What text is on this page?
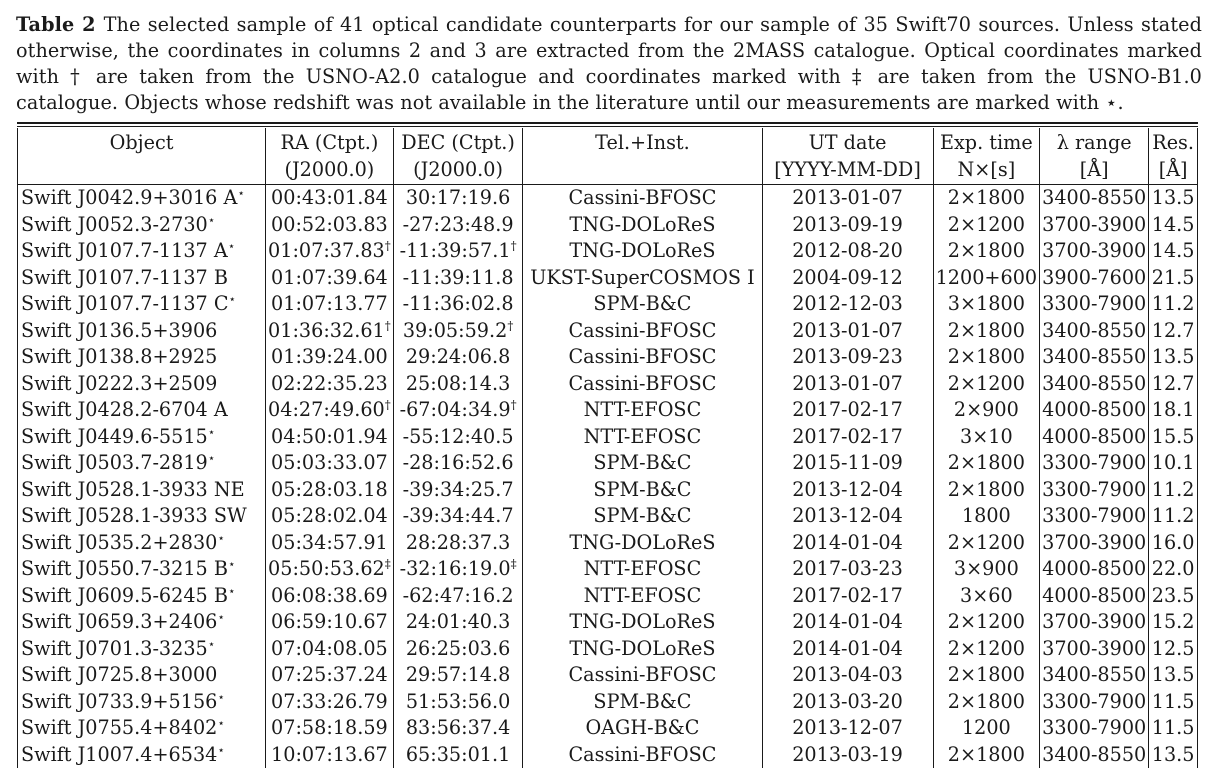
Table 2 The selected sample of 41 optical candidate counterparts for our sample of 35 Swift70 sources. Unless stated otherwise, the coordinates in columns 2 and 3 are extracted from the 2MASS catalogue. Optical coordinates marked with † are taken from the USNO-A2.0 catalogue and coordinates marked with ‡ are taken from the USNO-B1.0 catalogue. Objects whose redshift was not available in the literature until our measurements are marked with ⋆.

Object	RA (Ctpt.)	DEC (Ctpt.)	Tel.+Inst.	UT date	Exp. time	λ range	Res.
	(J2000.0)	(J2000.0)		[YYYY-MM-DD]	N×[s]	[Å]	[Å]
Swift J0042.9+3016 A⋆	00:43:01.84	30:17:19.6	Cassini-BFOSC	2013-01-07	2×1800	3400-8550	13.5
Swift J0052.3-2730⋆	00:52:03.83	-27:23:48.9	TNG-DOLoReS	2013-09-19	2×1200	3700-3900	14.5
Swift J0107.7-1137 A⋆	01:07:37.83†	-11:39:57.1†	TNG-DOLoReS	2012-08-20	2×1800	3700-3900	14.5
Swift J0107.7-1137 B	01:07:39.64	-11:39:11.8	UKST-SuperCOSMOS I	2004-09-12	1200+600	3900-7600	21.5
Swift J0107.7-1137 C⋆	01:07:13.77	-11:36:02.8	SPM-B&C	2012-12-03	3×1800	3300-7900	11.2
Swift J0136.5+3906	01:36:32.61†	39:05:59.2†	Cassini-BFOSC	2013-01-07	2×1800	3400-8550	12.7
Swift J0138.8+2925	01:39:24.00	29:24:06.8	Cassini-BFOSC	2013-09-23	2×1800	3400-8550	13.5
Swift J0222.3+2509	02:22:35.23	25:08:14.3	Cassini-BFOSC	2013-01-07	2×1200	3400-8550	12.7
Swift J0428.2-6704 A	04:27:49.60†	-67:04:34.9†	NTT-EFOSC	2017-02-17	2×900	4000-8500	18.1
Swift J0449.6-5515⋆	04:50:01.94	-55:12:40.5	NTT-EFOSC	2017-02-17	3×10	4000-8500	15.5
Swift J0503.7-2819⋆	05:03:33.07	-28:16:52.6	SPM-B&C	2015-11-09	2×1800	3300-7900	10.1
Swift J0528.1-3933 NE	05:28:03.18	-39:34:25.7	SPM-B&C	2013-12-04	2×1800	3300-7900	11.2
Swift J0528.1-3933 SW	05:28:02.04	-39:34:44.7	SPM-B&C	2013-12-04	1800	3300-7900	11.2
Swift J0535.2+2830⋆	05:34:57.91	28:28:37.3	TNG-DOLoReS	2014-01-04	2×1200	3700-3900	16.0
Swift J0550.7-3215 B⋆	05:50:53.62‡	-32:16:19.0‡	NTT-EFOSC	2017-03-23	3×900	4000-8500	22.0
Swift J0609.5-6245 B⋆	06:08:38.69	-62:47:16.2	NTT-EFOSC	2017-02-17	3×60	4000-8500	23.5
Swift J0659.3+2406⋆	06:59:10.67	24:01:40.3	TNG-DOLoReS	2014-01-04	2×1200	3700-3900	15.2
Swift J0701.3-3235⋆	07:04:08.05	26:25:03.6	TNG-DOLoReS	2014-01-04	2×1200	3700-3900	12.5
Swift J0725.8+3000	07:25:37.24	29:57:14.8	Cassini-BFOSC	2013-04-03	2×1800	3400-8550	13.5
Swift J0733.9+5156⋆	07:33:26.79	51:53:56.0	SPM-B&C	2013-03-20	2×1800	3300-7900	11.5
Swift J0755.4+8402⋆	07:58:18.59	83:56:37.4	OAGH-B&C	2013-12-07	1200	3300-7900	11.5
Swift J1007.4+6534⋆	10:07:13.67	65:35:01.1	Cassini-BFOSC	2013-03-19	2×1800	3400-8550	13.5
